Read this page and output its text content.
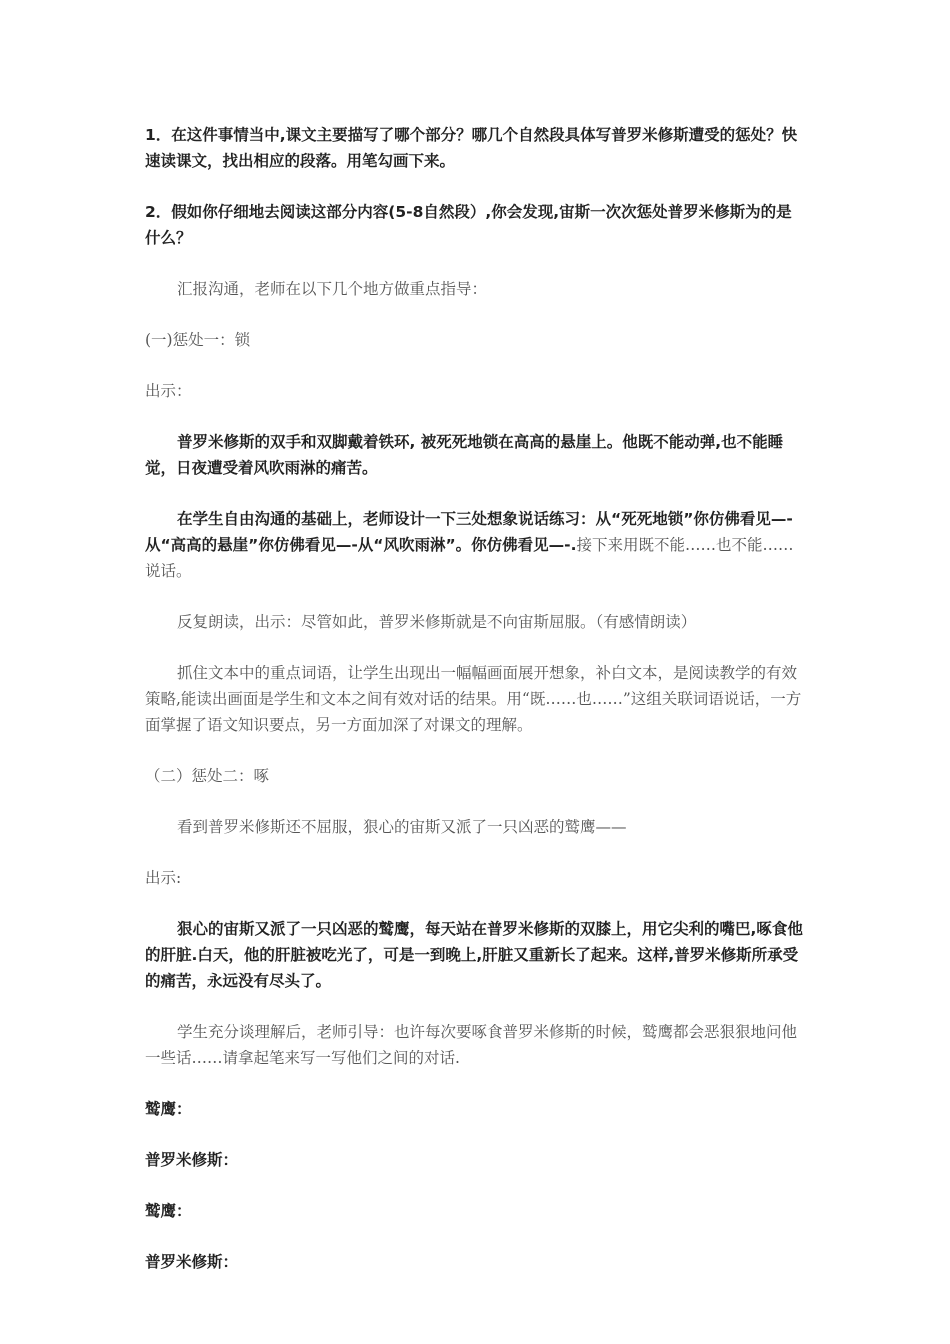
1．在这件事情当中,课文主要描写了哪个部分？哪几个自然段具体写普罗米修斯遭受的惩处？快速读课文，找出相应的段落。用笔勾画下来。

2．假如你仔细地去阅读这部分内容(5-8自然段）,你会发现,宙斯一次次惩处普罗米修斯为的是什么？

汇报沟通，老师在以下几个地方做重点指导：

(一)惩处一：锁

出示：

普罗米修斯的双手和双脚戴着铁环, 被死死地锁在高高的悬崖上。他既不能动弹,也不能睡觉，日夜遭受着风吹雨淋的痛苦。

在学生自由沟通的基础上，老师设计一下三处想象说话练习：从“死死地锁”你仿佛看见—-从“高高的悬崖”你仿佛看见—-从“风吹雨淋”。你仿佛看见—-.接下来用既不能……也不能……说话。

反复朗读，出示：尽管如此，普罗米修斯就是不向宙斯屈服。（有感情朗读）

抓住文本中的重点词语，让学生出现出一幅幅画面展开想象，补白文本，是阅读教学的有效策略,能读出画面是学生和文本之间有效对话的结果。用“既……也……”这组关联词语说话，一方面掌握了语文知识要点，另一方面加深了对课文的理解。

（二）惩处二：啄

看到普罗米修斯还不屈服，狠心的宙斯又派了一只凶恶的鹫鹰——

出示:

狠心的宙斯又派了一只凶恶的鹫鹰，每天站在普罗米修斯的双膝上，用它尖利的嘴巴,啄食他的肝脏.白天，他的肝脏被吃光了，可是一到晚上,肝脏又重新长了起来。这样,普罗米修斯所承受的痛苦，永远没有尽头了。

学生充分谈理解后，老师引导：也许每次要啄食普罗米修斯的时候，鹫鹰都会恶狠狠地问他一些话……请拿起笔来写一写他们之间的对话.

鹫鹰：

普罗米修斯：

鹫鹰：

普罗米修斯：
